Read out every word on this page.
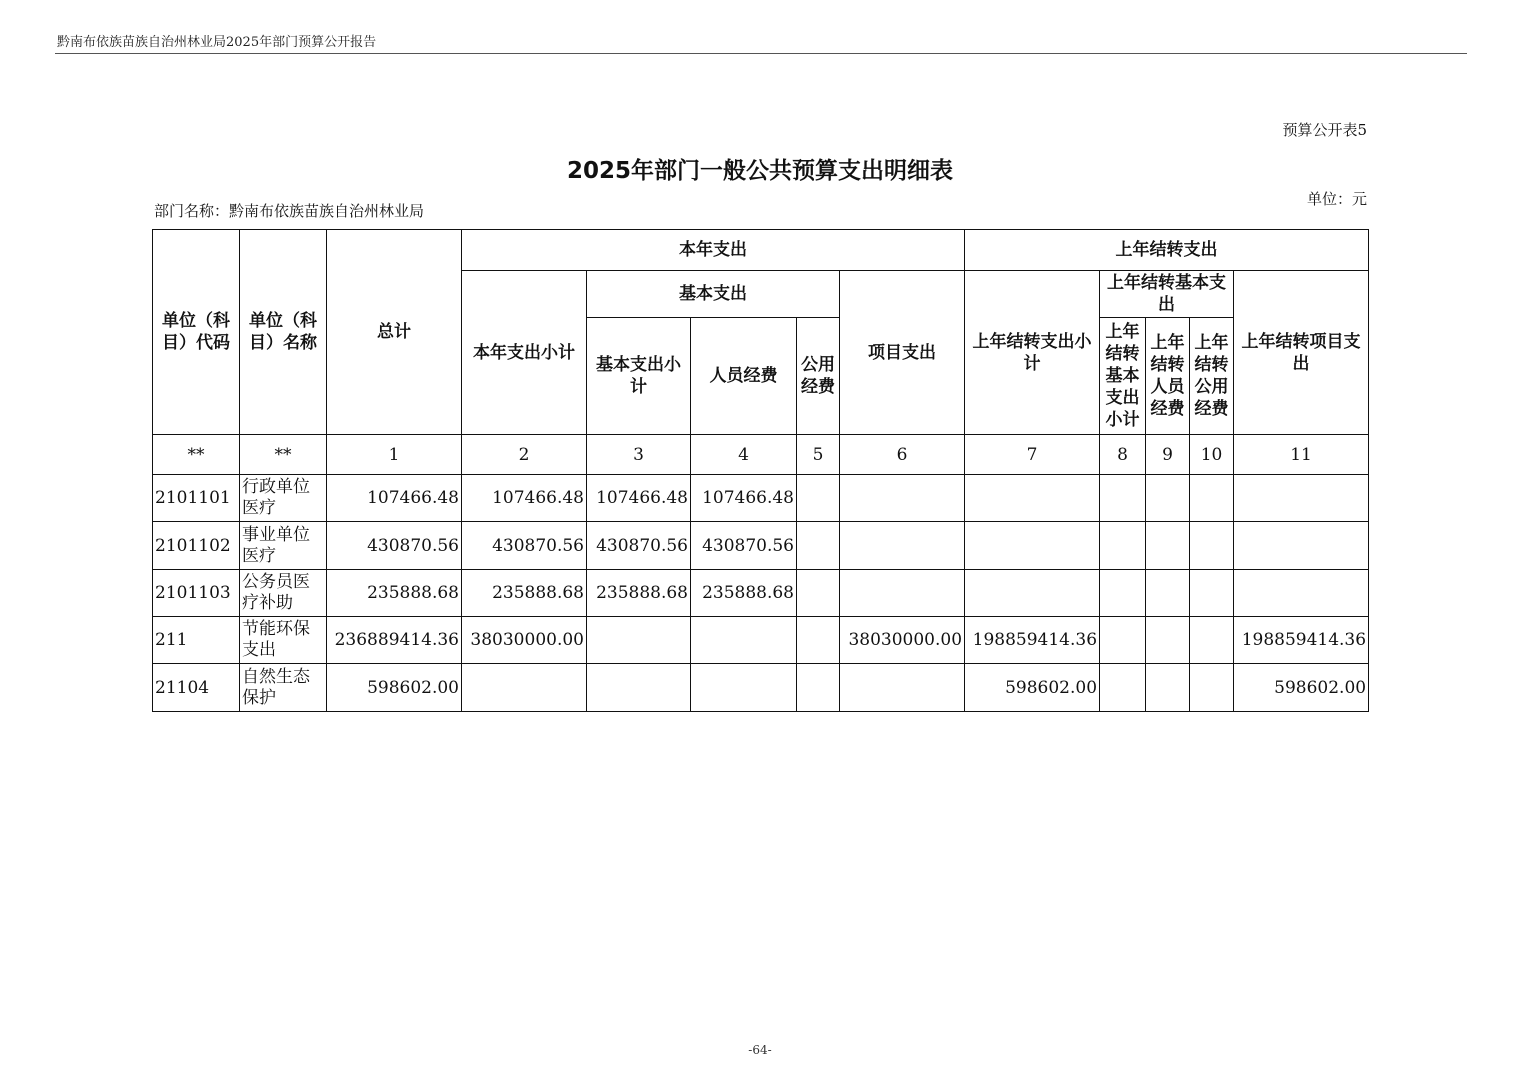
黔南布依族苗族自治州林业局2025年部门预算公开报告
预算公开表5
2025年部门一般公共预算支出明细表
单位：元
部门名称：黔南布依族苗族自治州林业局
单位（科目）代码	单位（科目）名称	总计	本年支出					上年结转支出				
			本年支出小计	基本支出			项目支出	上年结转支出小计	上年结转基本支出			上年结转项目支出
				基本支出小计	人员经费	公用经费			上年结转基本支出小计	上年结转人员经费	上年结转公用经费	
**	**	1	2	3	4	5	6	7	8	9	10	11
2101101	行政单位医疗	107466.48	107466.48	107466.48	107466.48							
2101102	事业单位医疗	430870.56	430870.56	430870.56	430870.56							
2101103	公务员医疗补助	235888.68	235888.68	235888.68	235888.68							
211	节能环保支出	236889414.36	38030000.00				38030000.00	198859414.36				198859414.36
21104	自然生态保护	598602.00						598602.00				598602.00
-64-
